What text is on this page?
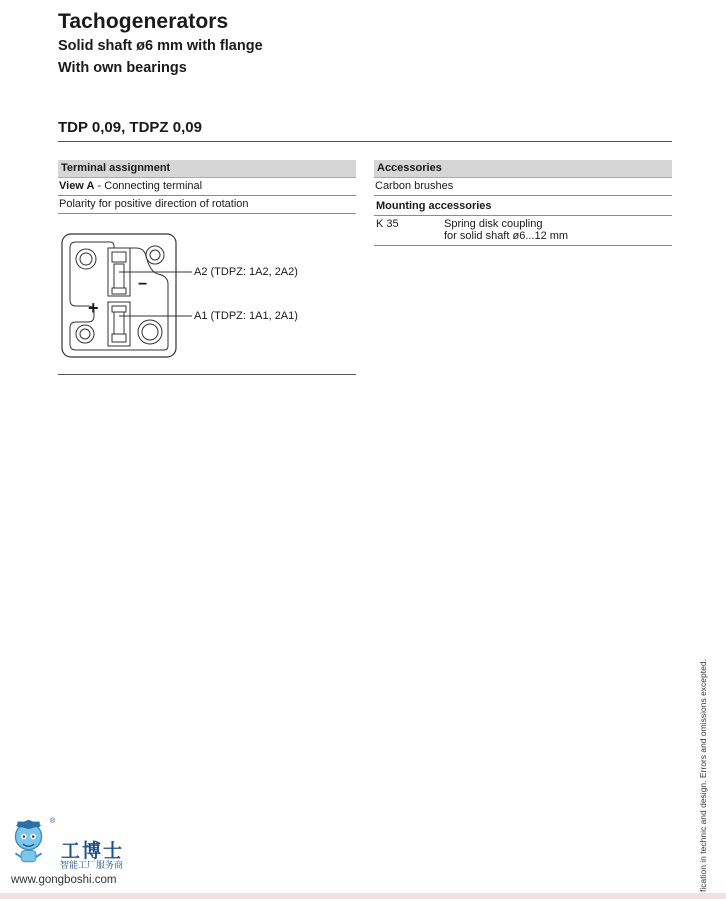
Tachogenerators
Solid shaft ø6 mm with flange
With own bearings
TDP 0,09, TDPZ 0,09
Terminal assignment
View A - Connecting terminal
Polarity for positive direction of rotation
−
+
A2 (TDPZ: 1A2, 2A2)
A1 (TDPZ: 1A1, 2A1)
Accessories
Carbon brushes
Mounting accessories
K 35	Spring disk coupling
for solid shaft ø6...12 mm
fication in technic and design. Errors and omissions excepted.
®
工博士
智能工厂服务商
www.gongboshi.com
